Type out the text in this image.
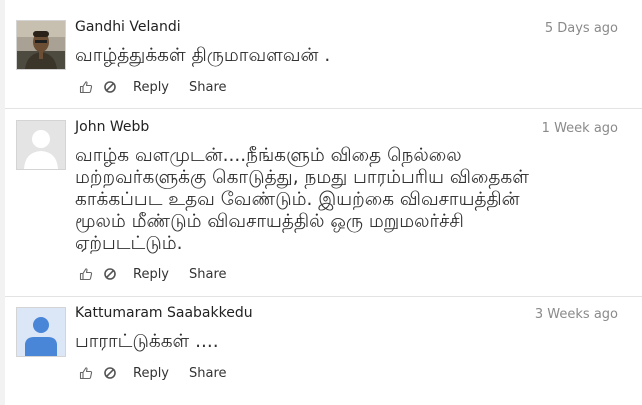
Gandhi Velandi	5 Days ago
வாழ்த்துக்கள் திருமாவளவன் .
Reply Share
John Webb	1 Week ago
வாழ்க வளமுடன்....நீங்களும் விதை நெல்லை மற்றவர்களுக்கு கொடுத்து, நமது பாரம்பரிய விதைகள் காக்கப்பட உதவ வேண்டும். இயற்கை விவசாயத்தின் மூலம் மீண்டும் விவசாயத்தில் ஒரு மறுமலர்ச்சி ஏற்படட்டும்.
Reply Share
Kattumaram Saabakkedu	3 Weeks ago
பாராட்டுக்கள் ....
Reply Share
